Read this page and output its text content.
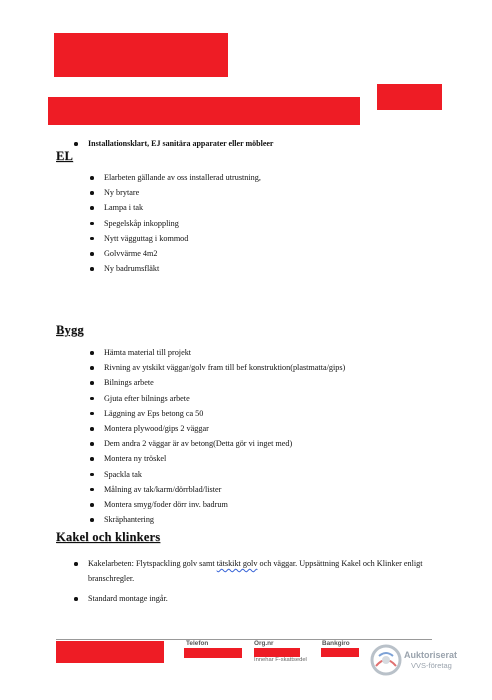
Installationsklart, EJ sanitära apparater eller möbleer
EL
Elarbeten gällande av oss installerad utrustning,
Ny brytare
Lampa i tak
Spegelskåp inkoppling
Nytt vägguttag i kommod
Golvvärme 4m2
Ny badrumsfläkt
Bygg
Hämta material till projekt
Rivning av ytskikt väggar/golv fram till bef konstruktion(plastmatta/gips)
Bilnings arbete
Gjuta efter bilnings arbete
Läggning av Eps betong ca 50
Montera plywood/gips 2 väggar
Dem andra 2 väggar är av betong(Detta gör vi inget med)
Montera ny tröskel
Spackla tak
Målning av tak/karm/dörrblad/lister
Montera smyg/foder dörr inv. badrum
Skräphantering
Kakel och klinkers
Kakelarbeten: Flytspackling golv samt tätskikt golv och väggar. Uppsättning Kakel och Klinker enligt branschregler.
Standard montage ingår.
Telefon	Org.nr	Bankgiro
Innehar F-skattsedel	Auktoriserat
VVS-företag
